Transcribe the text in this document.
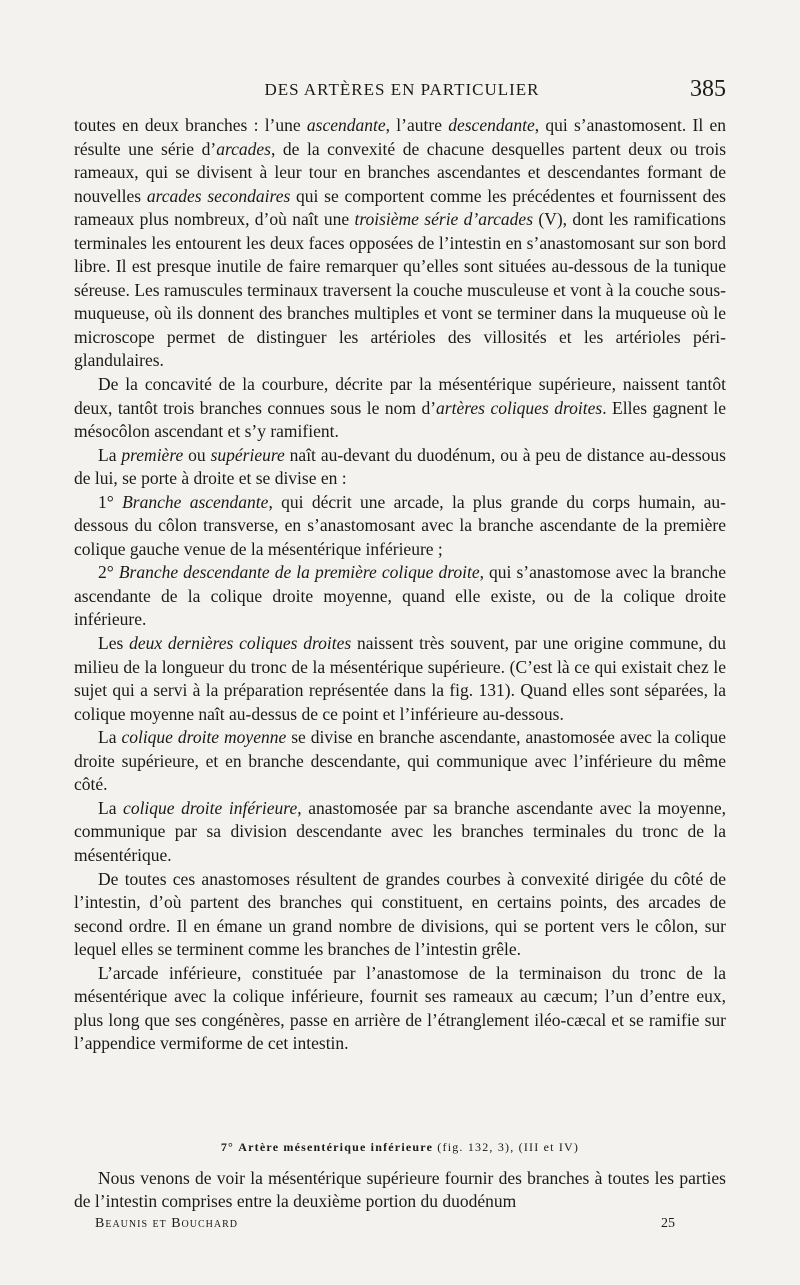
DES ARTÈRES EN PARTICULIER	385

toutes en deux branches : l’une ascendante, l’autre descendante, qui s’anastomosent. Il en résulte une série d’arcades, de la convexité de chacune desquelles partent deux ou trois rameaux, qui se divisent à leur tour en branches ascendantes et descendantes formant de nouvelles arcades secondaires qui se comportent comme les précédentes et fournissent des rameaux plus nombreux, d’où naît une troisième série d’arcades (V), dont les ramifications terminales les entourent les deux faces opposées de l’intestin en s’anastomosant sur son bord libre. Il est presque inutile de faire remarquer qu’elles sont situées au-dessous de la tunique séreuse. Les ramuscules terminaux traversent la couche musculeuse et vont à la couche sous-muqueuse, où ils donnent des branches multiples et vont se terminer dans la muqueuse où le microscope permet de distinguer les artérioles des villosités et les artérioles péri-glandulaires.

De la concavité de la courbure, décrite par la mésentérique supérieure, naissent tantôt deux, tantôt trois branches connues sous le nom d’artères coliques droites. Elles gagnent le mésocôlon ascendant et s’y ramifient.

La première ou supérieure naît au-devant du duodénum, ou à peu de distance au-dessous de lui, se porte à droite et se divise en :

1° Branche ascendante, qui décrit une arcade, la plus grande du corps humain, au-dessous du côlon transverse, en s’anastomosant avec la branche ascendante de la première colique gauche venue de la mésentérique inférieure ;

2° Branche descendante de la première colique droite, qui s’anastomose avec la branche ascendante de la colique droite moyenne, quand elle existe, ou de la colique droite inférieure.

Les deux dernières coliques droites naissent très souvent, par une origine commune, du milieu de la longueur du tronc de la mésentérique supérieure. (C’est là ce qui existait chez le sujet qui a servi à la préparation représentée dans la fig. 131). Quand elles sont séparées, la colique moyenne naît au-dessus de ce point et l’inférieure au-dessous.

La colique droite moyenne se divise en branche ascendante, anastomosée avec la colique droite supérieure, et en branche descendante, qui communique avec l’inférieure du même côté.

La colique droite inférieure, anastomosée par sa branche ascendante avec la moyenne, communique par sa division descendante avec les branches terminales du tronc de la mésentérique.

De toutes ces anastomoses résultent de grandes courbes à convexité dirigée du côté de l’intestin, d’où partent des branches qui constituent, en certains points, des arcades de second ordre. Il en émane un grand nombre de divisions, qui se portent vers le côlon, sur lequel elles se terminent comme les branches de l’intestin grêle.

L’arcade inférieure, constituée par l’anastomose de la terminaison du tronc de la mésentérique avec la colique inférieure, fournit ses rameaux au cæcum; l’un d’entre eux, plus long que ses congénères, passe en arrière de l’étranglement iléo-cæcal et se ramifie sur l’appendice vermiforme de cet intestin.

7° Artère mésentérique inférieure (fig. 132, 3), (III et IV)

Nous venons de voir la mésentérique supérieure fournir des branches à toutes les parties de l’intestin comprises entre la deuxième portion du duodénum

Beaunis et Bouchard	25
